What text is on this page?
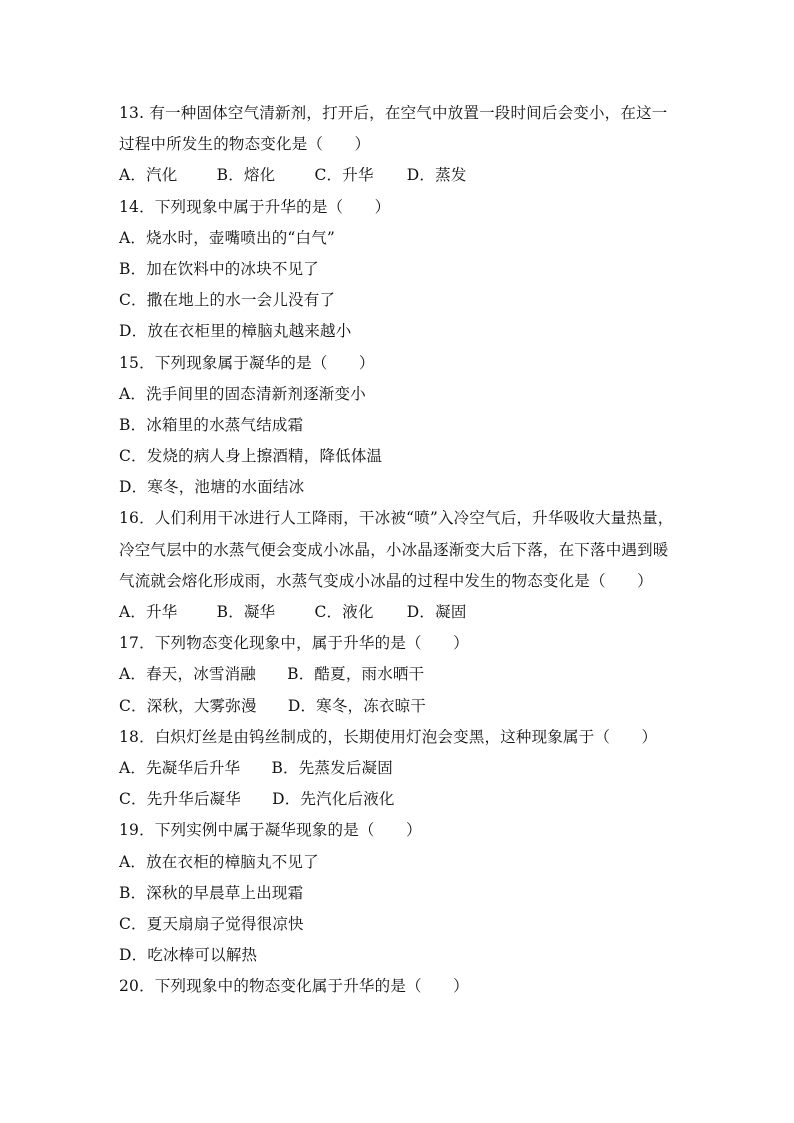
13. 有一种固体空气清新剂，打开后，在空气中放置一段时间后会变小，在这一
过程中所发生的物态变化是（　　）
A．汽化	B．熔化	C．升华 D．蒸发
14．下列现象中属于升华的是（　　）
A．烧水时，壶嘴喷出的“白气”
B．加在饮料中的冰块不见了
C．撒在地上的水一会儿没有了
D．放在衣柜里的樟脑丸越来越小
15．下列现象属于凝华的是（　　）
A．洗手间里的固态清新剂逐渐变小
B．冰箱里的水蒸气结成霜
C．发烧的病人身上擦酒精，降低体温
D．寒冬，池塘的水面结冰
16．人们利用干冰进行人工降雨，干冰被“喷”入冷空气后，升华吸收大量热量，
冷空气层中的水蒸气便会变成小冰晶，小冰晶逐渐变大后下落，在下落中遇到暖
气流就会熔化形成雨，水蒸气变成小冰晶的过程中发生的物态变化是（　　）
A．升华	B．凝华	C．液化 D．凝固
17．下列物态变化现象中，属于升华的是（　　）
A．春天，冰雪消融 B．酷夏，雨水晒干
C．深秋，大雾弥漫 D．寒冬，冻衣晾干
18．白炽灯丝是由钨丝制成的，长期使用灯泡会变黑，这种现象属于（　　）
A．先凝华后升华 B．先蒸发后凝固
C．先升华后凝华 D．先汽化后液化
19．下列实例中属于凝华现象的是（　　）
A．放在衣柜的樟脑丸不见了
B．深秋的早晨草上出现霜
C．夏天扇扇子觉得很凉快
D．吃冰棒可以解热
20．下列现象中的物态变化属于升华的是（　　）
